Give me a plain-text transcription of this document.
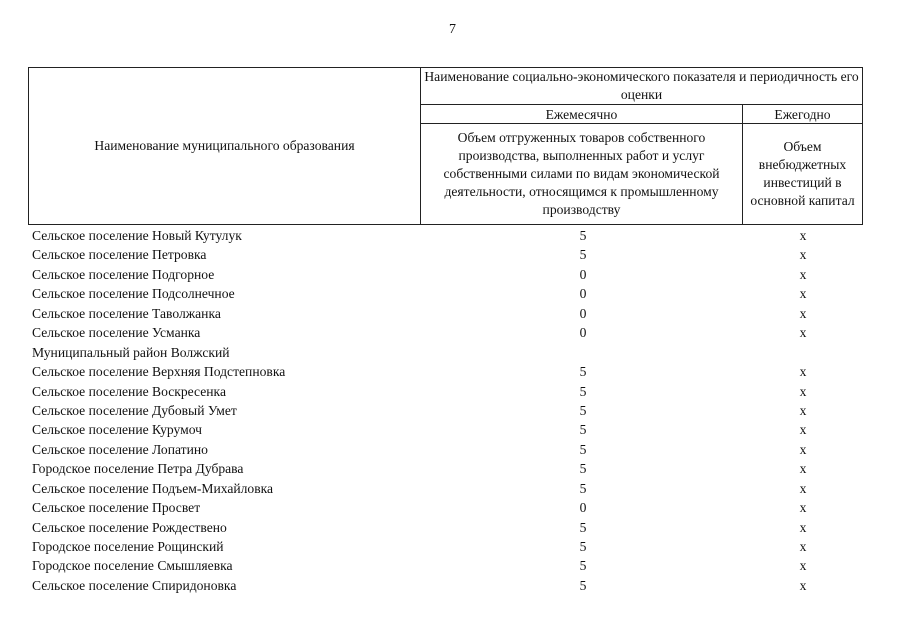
7
Наименование муниципального образования	Наименование социально-экономического показателя и периодичность его оценки	
	Ежемесячно	Ежегодно
	Объем отгруженных товаров собственного производства, выполненных работ и услуг собственными силами по видам экономической деятельности, относящимся к промышленному производству	Объем внебюджетных инвестиций в основной капитал
Сельское поселение Новый Кутулук	5	x
Сельское поселение Петровка	5	x
Сельское поселение Подгорное	0	x
Сельское поселение Подсолнечное	0	x
Сельское поселение Таволжанка	0	x
Сельское поселение Усманка	0	x
Муниципальный район Волжский
Сельское поселение Верхняя Подстепновка	5	x
Сельское поселение Воскресенка	5	x
Сельское поселение Дубовый Умет	5	x
Сельское поселение Курумоч	5	x
Сельское поселение Лопатино	5	x
Городское поселение Петра Дубрава	5	x
Сельское поселение Подъем-Михайловка	5	x
Сельское поселение Просвет	0	x
Сельское поселение Рождествено	5	x
Городское поселение Рощинский	5	x
Городское поселение Смышляевка	5	x
Сельское поселение Спиридоновка	5	x
